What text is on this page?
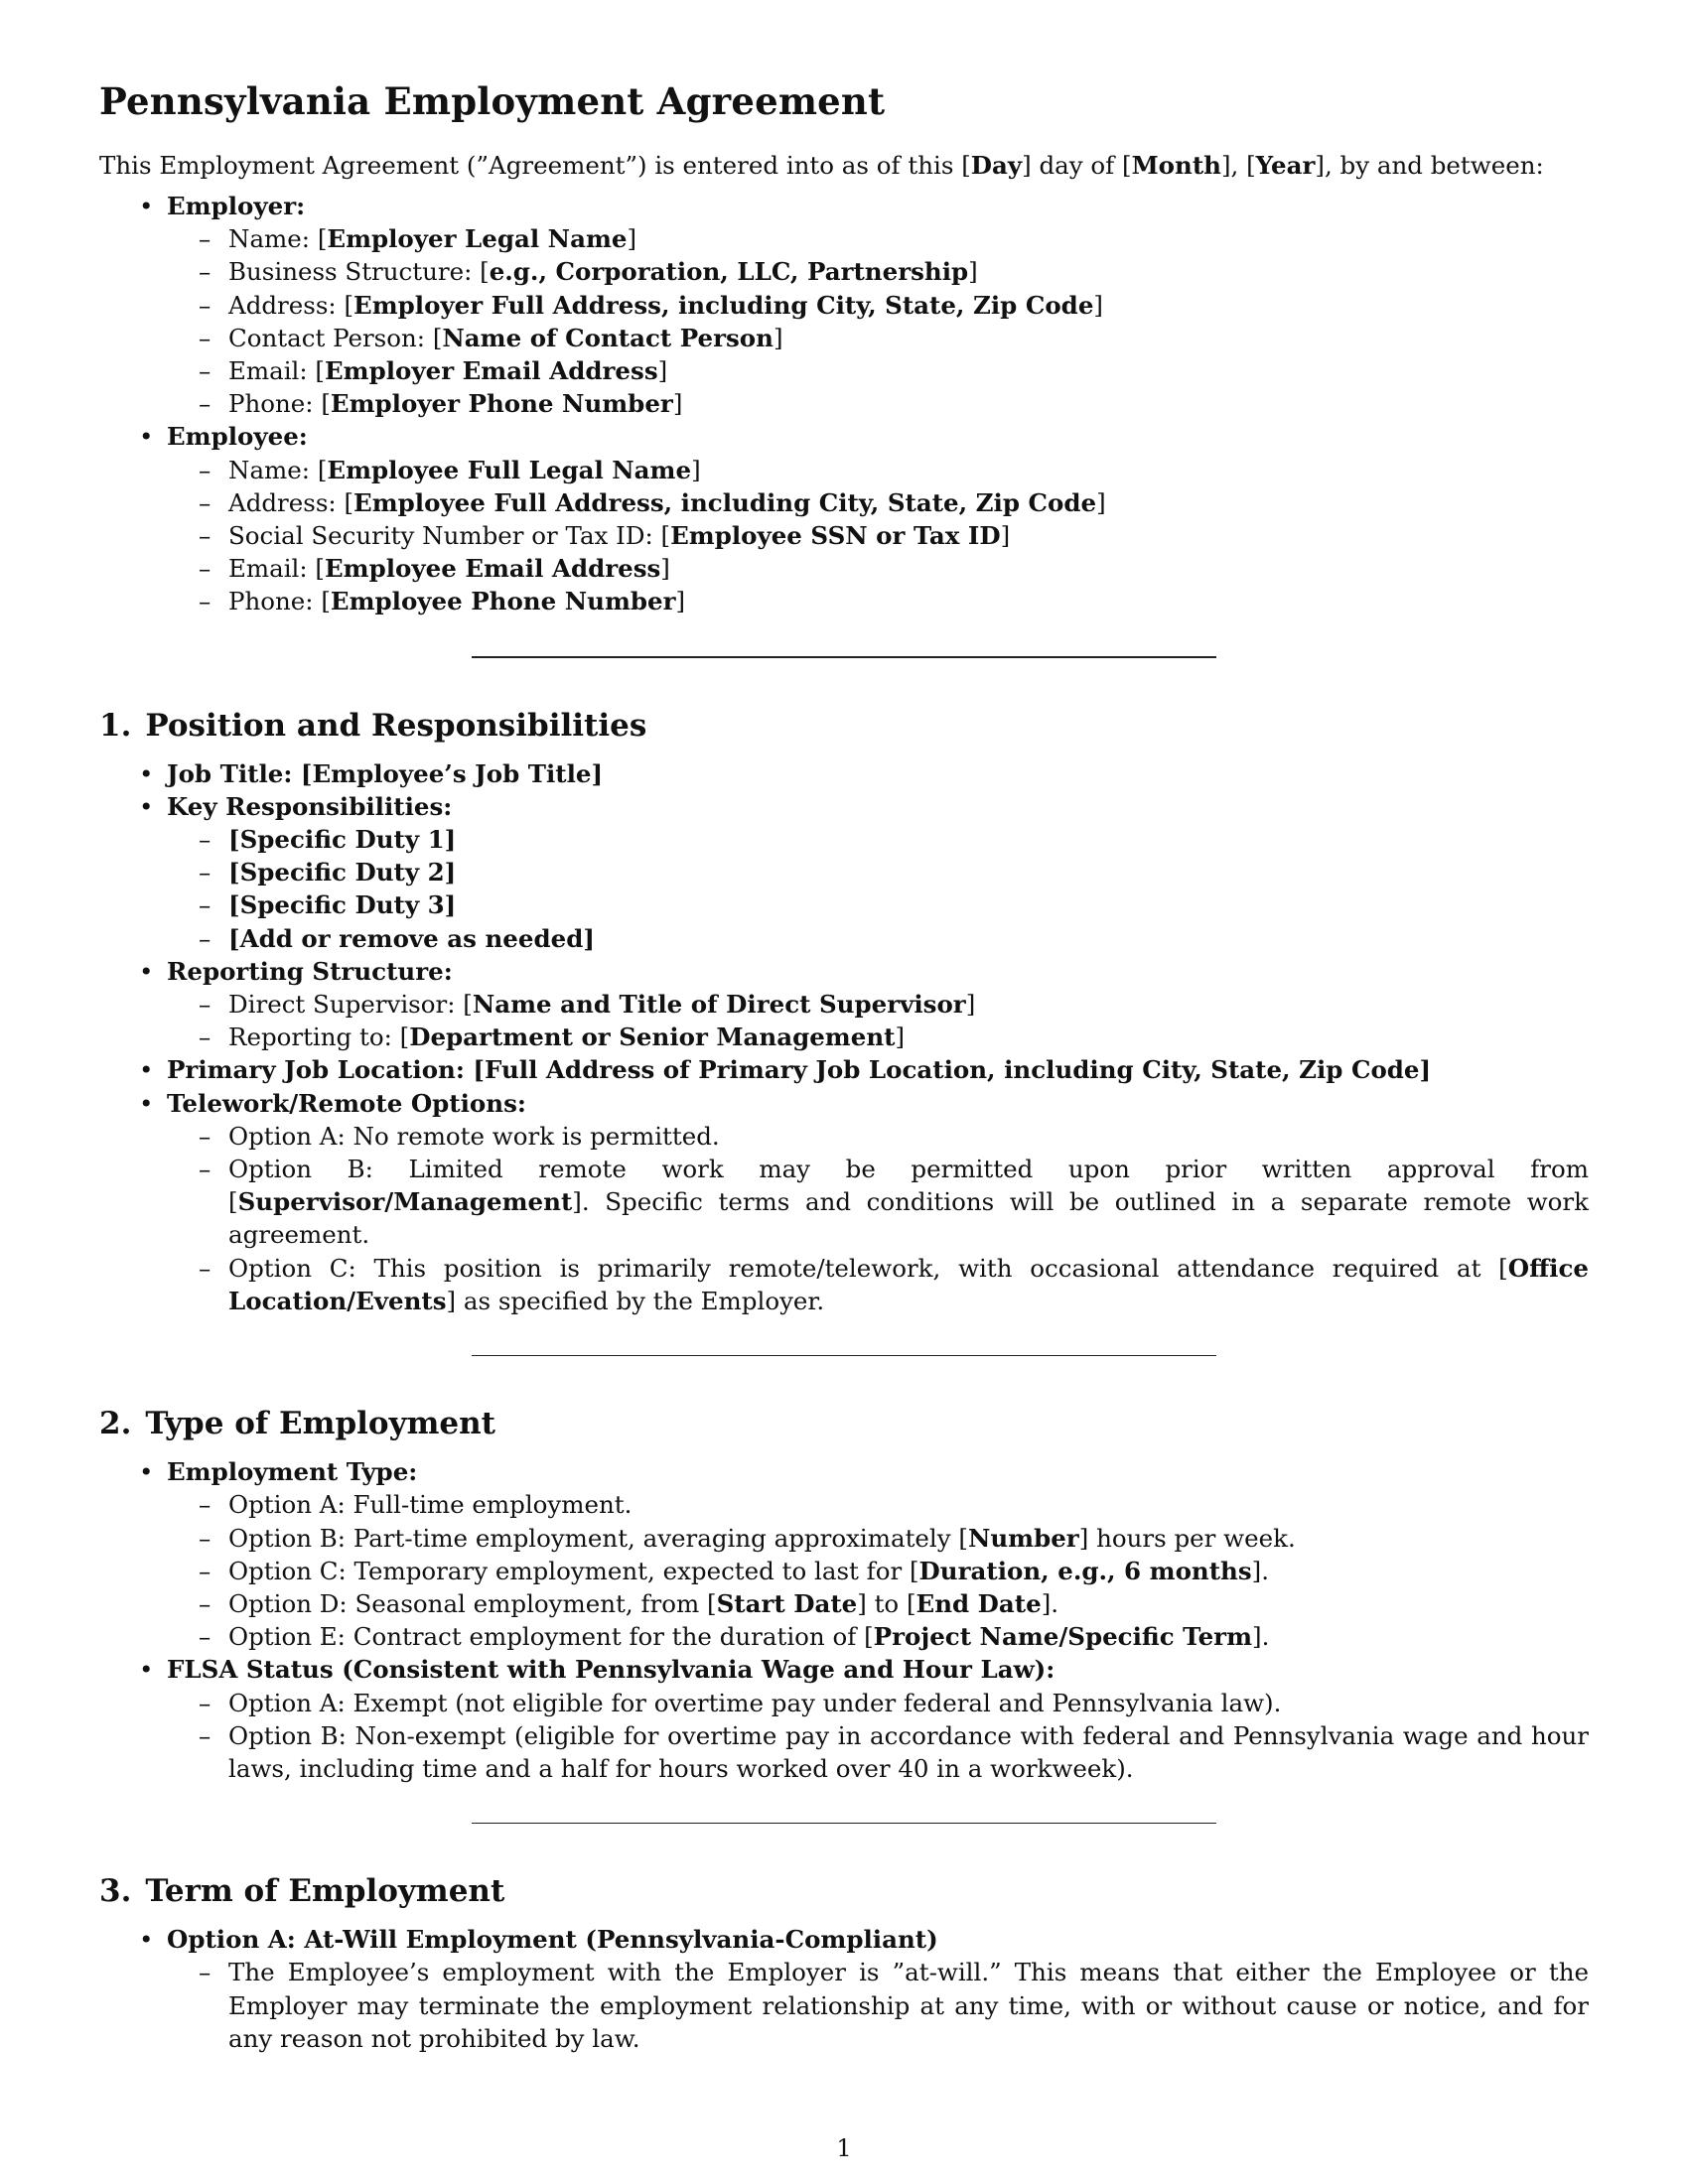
Pennsylvania Employment Agreement

This Employment Agreement (”Agreement”) is entered into as of this [Day] day of [Month], [Year], by and between:

• Employer:
– Name: [Employer Legal Name]
– Business Structure: [e.g., Corporation, LLC, Partnership]
– Address: [Employer Full Address, including City, State, Zip Code]
– Contact Person: [Name of Contact Person]
– Email: [Employer Email Address]
– Phone: [Employer Phone Number]
• Employee:
– Name: [Employee Full Legal Name]
– Address: [Employee Full Address, including City, State, Zip Code]
– Social Security Number or Tax ID: [Employee SSN or Tax ID]
– Email: [Employee Email Address]
– Phone: [Employee Phone Number]
1. Position and Responsibilities
• Job Title: [Employee’s Job Title]
• Key Responsibilities:
– [Specific Duty 1]
– [Specific Duty 2]
– [Specific Duty 3]
– [Add or remove as needed]
• Reporting Structure:
– Direct Supervisor: [Name and Title of Direct Supervisor]
– Reporting to: [Department or Senior Management]
• Primary Job Location: [Full Address of Primary Job Location, including City, State, Zip Code]
• Telework/Remote Options:
– Option A: No remote work is permitted.
– Option B: Limited remote work may be permitted upon prior written approval from [Supervisor/Management]. Specific terms and conditions will be outlined in a separate remote work agreement.
– Option C: This position is primarily remote/telework, with occasional attendance required at [Office Location/Events] as specified by the Employer.
2. Type of Employment
• Employment Type:
– Option A: Full-time employment.
– Option B: Part-time employment, averaging approximately [Number] hours per week.
– Option C: Temporary employment, expected to last for [Duration, e.g., 6 months].
– Option D: Seasonal employment, from [Start Date] to [End Date].
– Option E: Contract employment for the duration of [Project Name/Specific Term].
• FLSA Status (Consistent with Pennsylvania Wage and Hour Law):
– Option A: Exempt (not eligible for overtime pay under federal and Pennsylvania law).
– Option B: Non-exempt (eligible for overtime pay in accordance with federal and Pennsylvania wage and hour laws, including time and a half for hours worked over 40 in a workweek).
3. Term of Employment
• Option A: At-Will Employment (Pennsylvania-Compliant)
– The Employee’s employment with the Employer is ”at-will.” This means that either the Employee or the Employer may terminate the employment relationship at any time, with or without cause or notice, and for any reason not prohibited by law.
1
